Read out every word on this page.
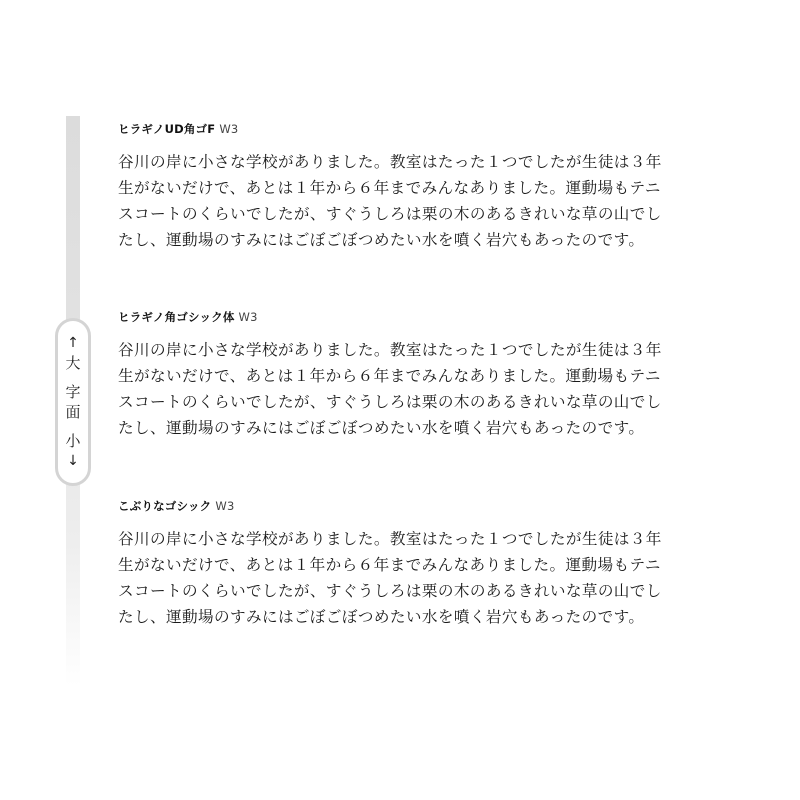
↑
大
字
面
小
↓
ヒラギノUD角ゴF W3

谷川の岸に小さな学校がありました。教室はたった１つでしたが生徒は３年
生がないだけで、あとは１年から６年までみんなありました。運動場もテニ
スコートのくらいでしたが、すぐうしろは栗の木のあるきれいな草の山でし
たし、運動場のすみにはごぼごぼつめたい水を噴く岩穴もあったのです。

ヒラギノ角ゴシック体 W3

谷川の岸に小さな学校がありました。教室はたった１つでしたが生徒は３年
生がないだけで、あとは１年から６年までみんなありました。運動場もテニ
スコートのくらいでしたが、すぐうしろは栗の木のあるきれいな草の山でし
たし、運動場のすみにはごぼごぼつめたい水を噴く岩穴もあったのです。

こぶりなゴシック W3

谷川の岸に小さな学校がありました。教室はたった１つでしたが生徒は３年
生がないだけで、あとは１年から６年までみんなありました。運動場もテニ
スコートのくらいでしたが、すぐうしろは栗の木のあるきれいな草の山でし
たし、運動場のすみにはごぼごぼつめたい水を噴く岩穴もあったのです。
